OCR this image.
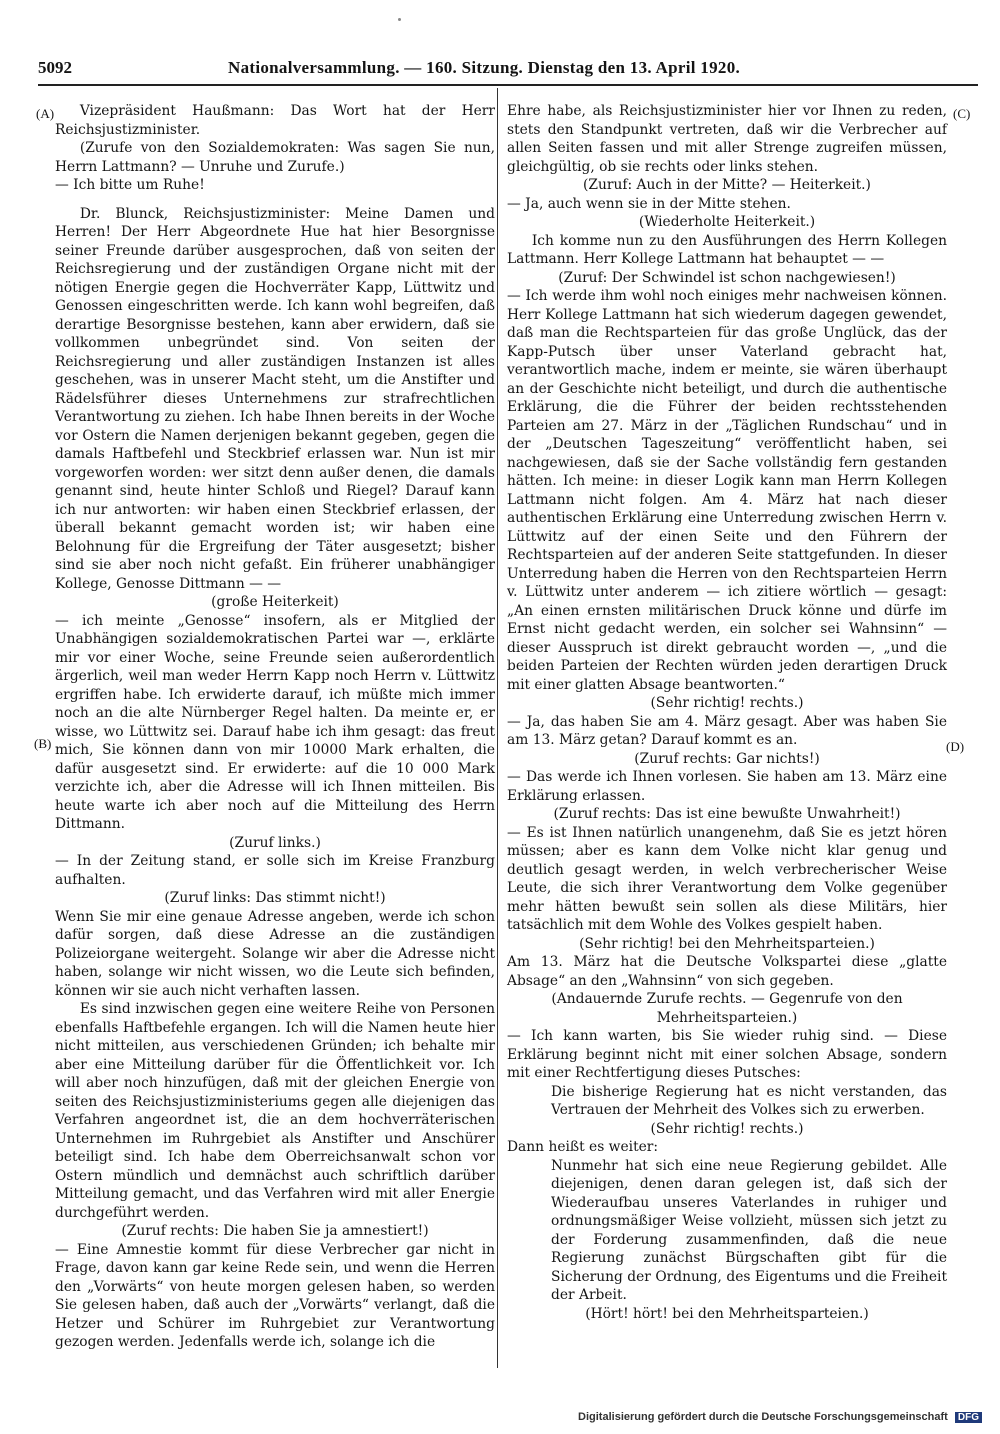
5092	Nationalversammlung. — 160. Sitzung. Dienstag den 13. April 1920.
(A)
(B)
(C)
(D)

Vizepräsident Haußmann: Das Wort hat der Herr Reichsjustizminister.

(Zurufe von den Sozialdemokraten: Was sagen Sie nun, Herrn Lattmann? — Unruhe und Zurufe.)

— Ich bitte um Ruhe!

Dr. Blunck, Reichsjustizminister: Meine Damen und Herren! Der Herr Abgeordnete Hue hat hier Besorgnisse seiner Freunde darüber ausgesprochen, daß von seiten der Reichsregierung und der zuständigen Organe nicht mit der nötigen Energie gegen die Hochverräter Kapp, Lüttwitz und Genossen eingeschritten werde. Ich kann wohl begreifen, daß derartige Besorgnisse bestehen, kann aber erwidern, daß sie vollkommen unbegründet sind. Von seiten der Reichsregierung und aller zuständigen Instanzen ist alles geschehen, was in unserer Macht steht, um die Anstifter und Rädelsführer dieses Unternehmens zur strafrechtlichen Verantwortung zu ziehen. Ich habe Ihnen bereits in der Woche vor Ostern die Namen derjenigen bekannt gegeben, gegen die damals Haftbefehl und Steckbrief erlassen war. Nun ist mir vorgeworfen worden: wer sitzt denn außer denen, die damals genannt sind, heute hinter Schloß und Riegel? Darauf kann ich nur antworten: wir haben einen Steckbrief erlassen, der überall bekannt gemacht worden ist; wir haben eine Belohnung für die Ergreifung der Täter ausgesetzt; bisher sind sie aber noch nicht gefaßt. Ein früherer unabhängiger Kollege, Genosse Dittmann — —

(große Heiterkeit)

— ich meinte „Genosse“ insofern, als er Mitglied der Unabhängigen sozialdemokratischen Partei war —, erklärte mir vor einer Woche, seine Freunde seien außerordentlich ärgerlich, weil man weder Herrn Kapp noch Herrn v. Lüttwitz ergriffen habe. Ich erwiderte darauf, ich müßte mich immer noch an die alte Nürnberger Regel halten. Da meinte er, er wisse, wo Lüttwitz sei. Darauf habe ich ihm gesagt: das freut mich, Sie können dann von mir 10000 Mark erhalten, die dafür ausgesetzt sind. Er erwiderte: auf die 10 000 Mark verzichte ich, aber die Adresse will ich Ihnen mitteilen. Bis heute warte ich aber noch auf die Mitteilung des Herrn Dittmann.

(Zuruf links.)

— In der Zeitung stand, er solle sich im Kreise Franzburg aufhalten.

(Zuruf links: Das stimmt nicht!)

Wenn Sie mir eine genaue Adresse angeben, werde ich schon dafür sorgen, daß diese Adresse an die zuständigen Polizeiorgane weitergeht. Solange wir aber die Adresse nicht haben, solange wir nicht wissen, wo die Leute sich befinden, können wir sie auch nicht verhaften lassen.

Es sind inzwischen gegen eine weitere Reihe von Personen ebenfalls Haftbefehle ergangen. Ich will die Namen heute hier nicht mitteilen, aus verschiedenen Gründen; ich behalte mir aber eine Mitteilung darüber für die Öffentlichkeit vor. Ich will aber noch hinzufügen, daß mit der gleichen Energie von seiten des Reichsjustizministeriums gegen alle diejenigen das Verfahren angeordnet ist, die an dem hochverräterischen Unternehmen im Ruhrgebiet als Anstifter und Anschürer beteiligt sind. Ich habe dem Oberreichsanwalt schon vor Ostern mündlich und demnächst auch schriftlich darüber Mitteilung gemacht, und das Verfahren wird mit aller Energie durchgeführt werden.

(Zuruf rechts: Die haben Sie ja amnestiert!)

— Eine Amnestie kommt für diese Verbrecher gar nicht in Frage, davon kann gar keine Rede sein, und wenn die Herren den „Vorwärts“ von heute morgen gelesen haben, so werden Sie gelesen haben, daß auch der „Vorwärts“ verlangt, daß die Hetzer und Schürer im Ruhrgebiet zur Verantwortung gezogen werden. Jedenfalls werde ich, solange ich die

Ehre habe, als Reichsjustizminister hier vor Ihnen zu reden, stets den Standpunkt vertreten, daß wir die Verbrecher auf allen Seiten fassen und mit aller Strenge zugreifen müssen, gleichgültig, ob sie rechts oder links stehen.

(Zuruf: Auch in der Mitte? — Heiterkeit.)

— Ja, auch wenn sie in der Mitte stehen.

(Wiederholte Heiterkeit.)

Ich komme nun zu den Ausführungen des Herrn Kollegen Lattmann. Herr Kollege Lattmann hat behauptet — —

(Zuruf: Der Schwindel ist schon nachgewiesen!)

— Ich werde ihm wohl noch einiges mehr nachweisen können. Herr Kollege Lattmann hat sich wiederum dagegen gewendet, daß man die Rechtsparteien für das große Unglück, das der Kapp-Putsch über unser Vaterland gebracht hat, verantwortlich mache, indem er meinte, sie wären überhaupt an der Geschichte nicht beteiligt, und durch die authentische Erklärung, die die Führer der beiden rechtsstehenden Parteien am 27. März in der „Täglichen Rundschau“ und in der „Deutschen Tageszeitung“ veröffentlicht haben, sei nachgewiesen, daß sie der Sache vollständig fern gestanden hätten. Ich meine: in dieser Logik kann man Herrn Kollegen Lattmann nicht folgen. Am 4. März hat nach dieser authentischen Erklärung eine Unterredung zwischen Herrn v. Lüttwitz auf der einen Seite und den Führern der Rechtsparteien auf der anderen Seite stattgefunden. In dieser Unterredung haben die Herren von den Rechtsparteien Herrn v. Lüttwitz unter anderem — ich zitiere wörtlich — gesagt: „An einen ernsten militärischen Druck könne und dürfe im Ernst nicht gedacht werden, ein solcher sei Wahnsinn“ — dieser Ausspruch ist direkt gebraucht worden —, „und die beiden Parteien der Rechten würden jeden derartigen Druck mit einer glatten Absage beantworten.“

(Sehr richtig! rechts.)

— Ja, das haben Sie am 4. März gesagt. Aber was haben Sie am 13. März getan? Darauf kommt es an.

(Zuruf rechts: Gar nichts!)

— Das werde ich Ihnen vorlesen. Sie haben am 13. März eine Erklärung erlassen.

(Zuruf rechts: Das ist eine bewußte Unwahrheit!)

— Es ist Ihnen natürlich unangenehm, daß Sie es jetzt hören müssen; aber es kann dem Volke nicht klar genug und deutlich gesagt werden, in welch verbrecherischer Weise Leute, die sich ihrer Verantwortung dem Volke gegenüber mehr hätten bewußt sein sollen als diese Militärs, hier tatsächlich mit dem Wohle des Volkes gespielt haben.

(Sehr richtig! bei den Mehrheitsparteien.)

Am 13. März hat die Deutsche Volkspartei diese „glatte Absage“ an den „Wahnsinn“ von sich gegeben.

(Andauernde Zurufe rechts. — Gegenrufe von den Mehrheitsparteien.)

— Ich kann warten, bis Sie wieder ruhig sind. — Diese Erklärung beginnt nicht mit einer solchen Absage, sondern mit einer Rechtfertigung dieses Putsches:

Die bisherige Regierung hat es nicht verstanden, das Vertrauen der Mehrheit des Volkes sich zu erwerben.

(Sehr richtig! rechts.)

Dann heißt es weiter:

Nunmehr hat sich eine neue Regierung gebildet. Alle diejenigen, denen daran gelegen ist, daß sich der Wiederaufbau unseres Vaterlandes in ruhiger und ordnungsmäßiger Weise vollzieht, müssen sich jetzt zu der Forderung zusammenfinden, daß die neue Regierung zunächst Bürgschaften gibt für die Sicherung der Ordnung, des Eigentums und die Freiheit der Arbeit.

(Hört! hört! bei den Mehrheitsparteien.)

Digitalisierung gefördert durch die Deutsche Forschungsgemeinschaft DFG
